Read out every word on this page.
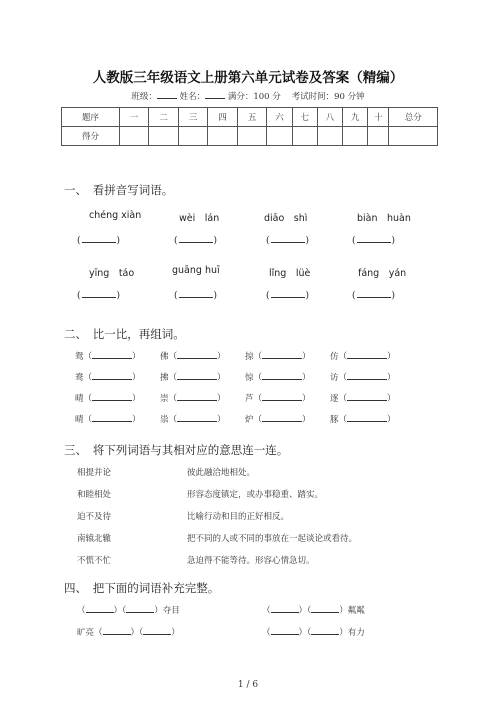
人教版三年级语文上册第六单元试卷及答案（精编）
班级：	姓名：	满分：100 分 考试时间：90 分钟
题序	一	二	三	四	五	六	七	八	九	十	总分
得分											
一、　看拼音写词语。
chéng xiàn	wèi　lán	diāo　shì	biàn　huàn
(	)	(	)	(	)	(	)
yīng　táo	guāng huī	lǐng　lüè	fáng　yán
(	)	(	)	(	)	(	)
二、　比一比，再组词。
鸳（	） 佛（	） 掠（	） 仿（	）
鸯（	） 拂（	） 惊（	） 访（	）
晴（	） 崇（	） 芦（	） 逐（	）
晴（	） 祟（	） 炉（	） 豚（	）
三、　将下列词语与其相对应的意思连一连。
相提并论	彼此融洽地相处。
和睦相处	形容态度镇定，或办事稳重、踏实。
迫不及待	比喻行动和目的正好相反。
南辕北辙	把不同的人或不同的事放在一起谈论或看待。
不慌不忙	急迫得不能等待。形容心情急切。
四、　把下面的词语补充完整。
（	）（	）夺目	（	）（	）粼粼
旷亮（	）（	）	（	）（	）有力
1 / 6
